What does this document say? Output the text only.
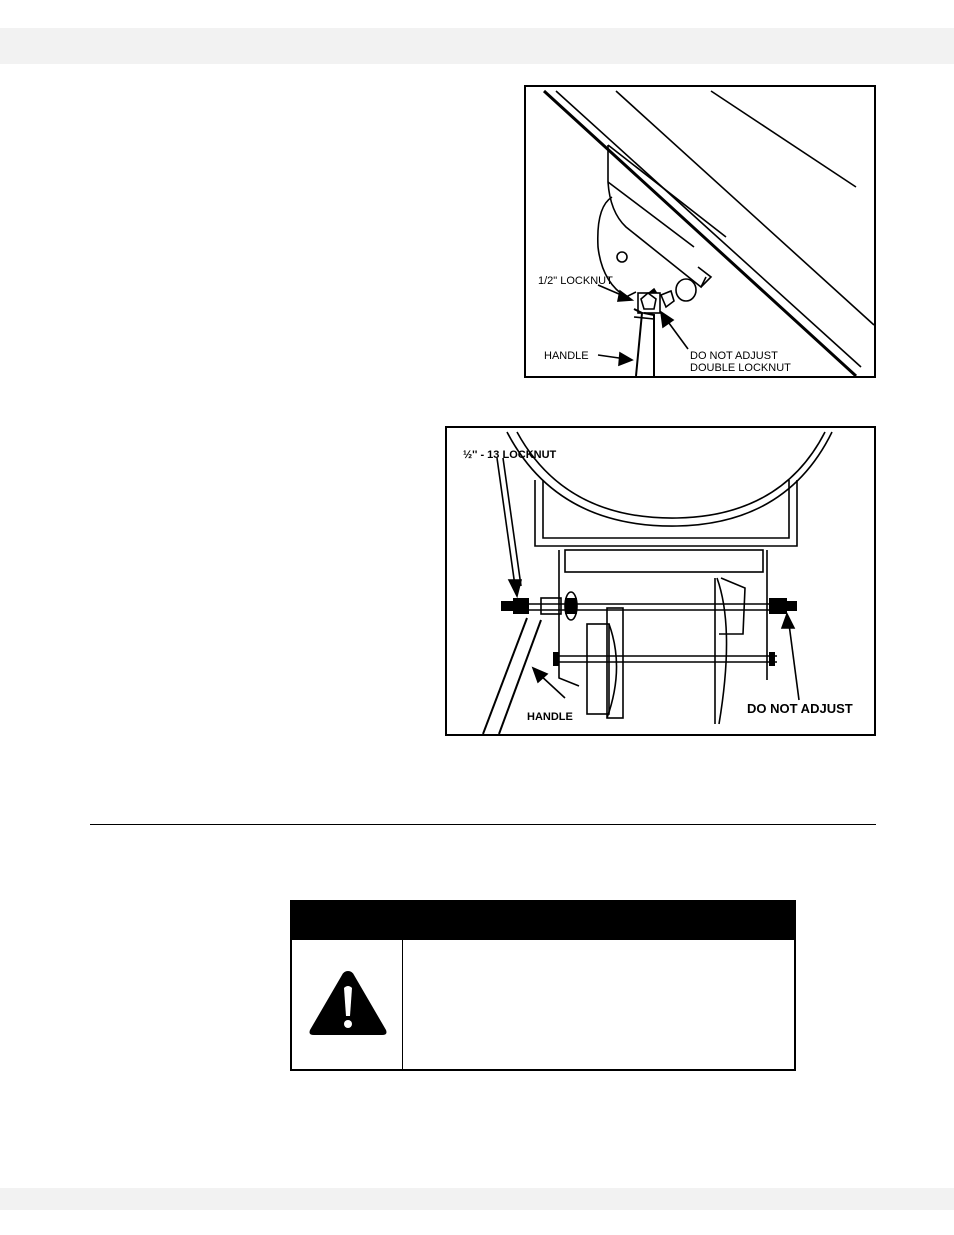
1/2" LOCKNUT
HANDLE	DO NOT ADJUST
DOUBLE LOCKNUT
½'' - 13 LOCKNUT
HANDLE
DO NOT ADJUST
